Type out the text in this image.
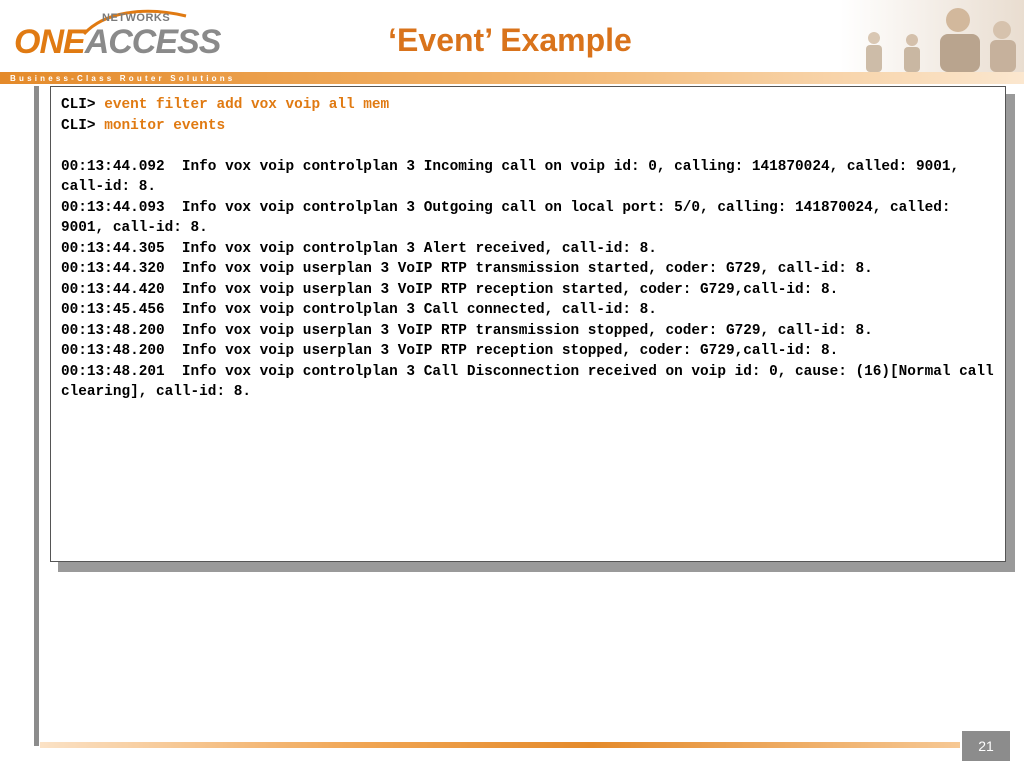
NETWORKS
ONEACCESS	‘Event’ Example
Business-Class Router Solutions
CLI> event filter add vox voip all mem
CLI> monitor events

00:13:44.092  Info vox voip controlplan 3 Incoming call on voip id: 0, calling: 141870024, called: 9001, call-id: 8.
00:13:44.093  Info vox voip controlplan 3 Outgoing call on local port: 5/0, calling: 141870024, called: 9001, call-id: 8.
00:13:44.305  Info vox voip controlplan 3 Alert received, call-id: 8.
00:13:44.320  Info vox voip userplan 3 VoIP RTP transmission started, coder: G729, call-id: 8.
00:13:44.420  Info vox voip userplan 3 VoIP RTP reception started, coder: G729,call-id: 8.
00:13:45.456  Info vox voip controlplan 3 Call connected, call-id: 8.
00:13:48.200  Info vox voip userplan 3 VoIP RTP transmission stopped, coder: G729, call-id: 8.
00:13:48.200  Info vox voip userplan 3 VoIP RTP reception stopped, coder: G729,call-id: 8.
00:13:48.201  Info vox voip controlplan 3 Call Disconnection received on voip id: 0, cause: (16)[Normal call clearing], call-id: 8.
21
